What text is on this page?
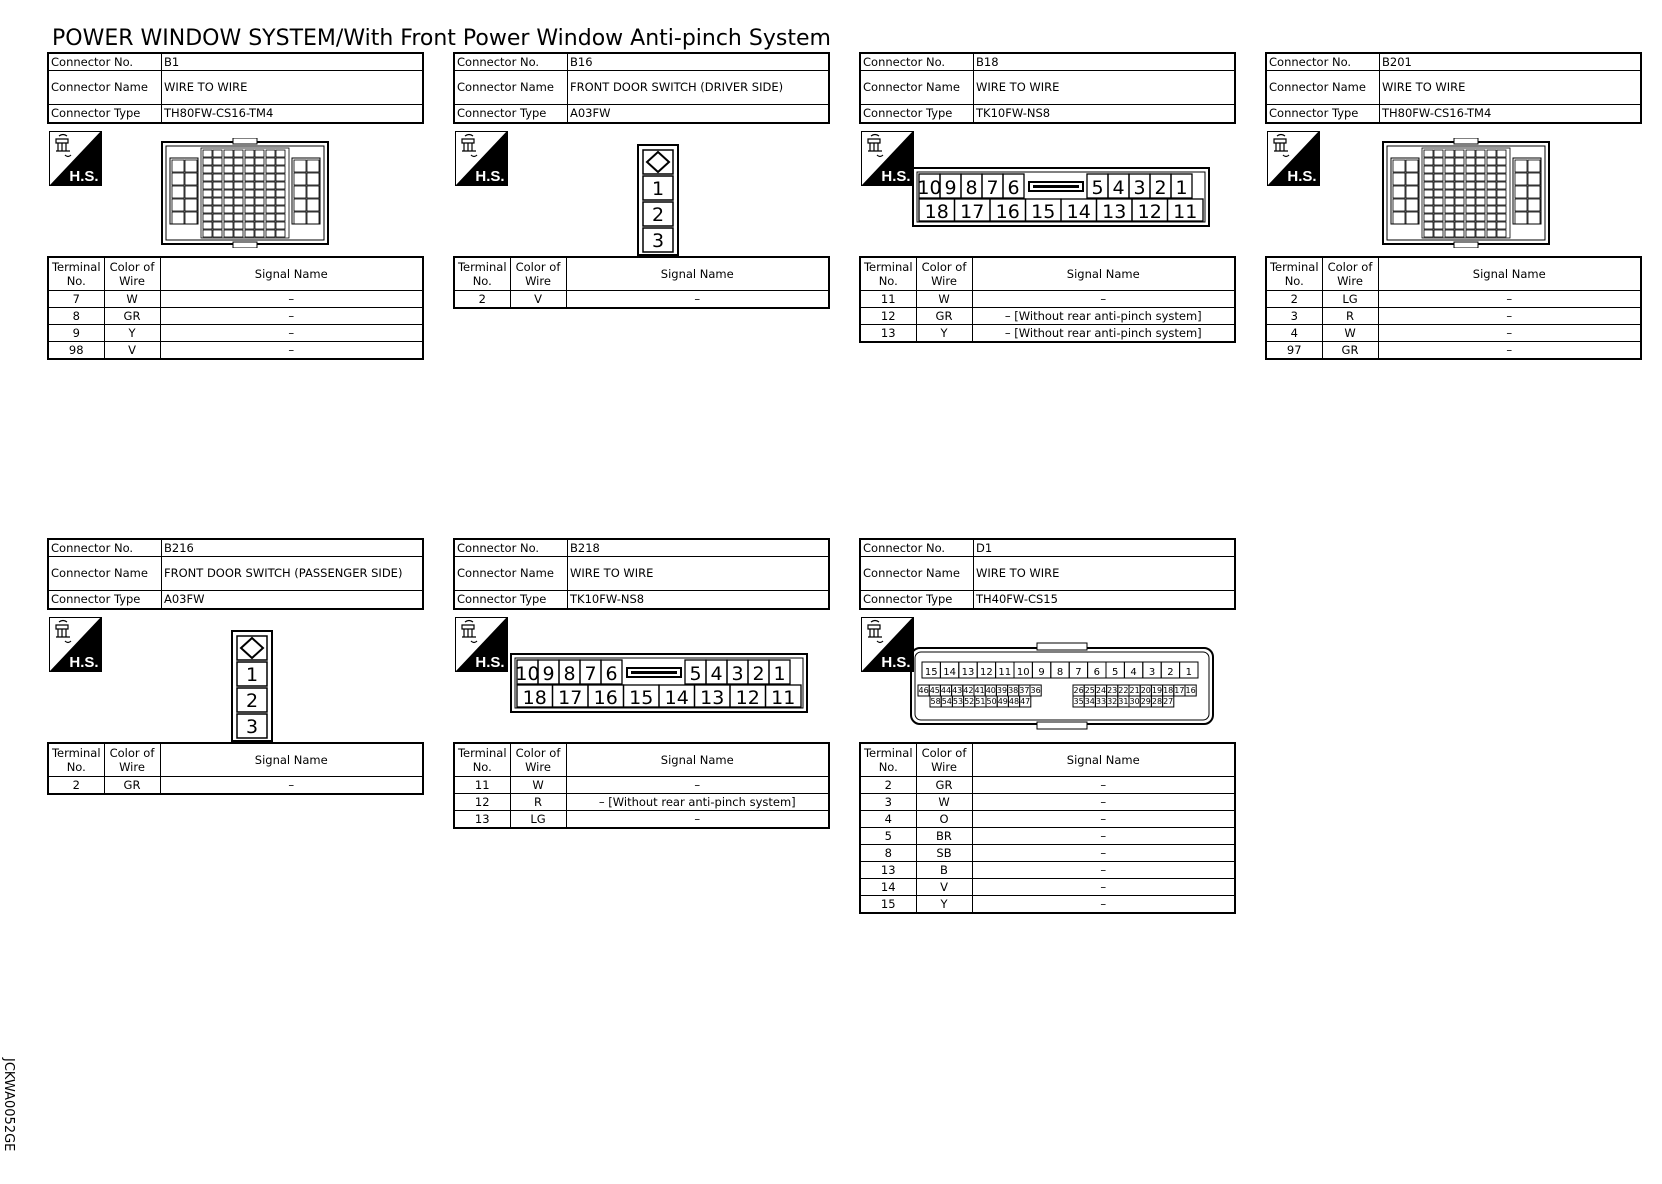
POWER WINDOW SYSTEM/With Front Power Window Anti-pinch System
Connector No.	B1
Connector Name	WIRE TO WIRE
Connector Type	TH80FW-CS16-TM4
H.S.
Terminal No.	Color of Wire	Signal Name
7	W	–
8	GR	–
9	Y	–
98	V	–
Connector No.	B16
Connector Name	FRONT DOOR SWITCH (DRIVER SIDE)
Connector Type	A03FW
H.S.
1
2
3
Terminal No.	Color of Wire	Signal Name
2	V	–
Connector No.	B18
Connector Name	WIRE TO WIRE
Connector Type	TK10FW-NS8
H.S.
10 9 8 7 6	5 4 3 2 1
18 17 16 15 14 13 12 11
Terminal No.	Color of Wire	Signal Name
11	W	–
12	GR	– [Without rear anti-pinch system]
13	Y	– [Without rear anti-pinch system]
Connector No.	B201
Connector Name	WIRE TO WIRE
Connector Type	TH80FW-CS16-TM4
H.S.
Terminal No.	Color of Wire	Signal Name
2	LG	–
3	R	–
4	W	–
97	GR	–
Connector No.	B216
Connector Name	FRONT DOOR SWITCH (PASSENGER SIDE)
Connector Type	A03FW
H.S.
1
2
3
Terminal No.	Color of Wire	Signal Name
2	GR	–
Connector No.	B218
Connector Name	WIRE TO WIRE
Connector Type	TK10FW-NS8
H.S.
10 9 8 7 6	5 4 3 2 1
18 17 16 15 14 13 12 11
Terminal No.	Color of Wire	Signal Name
11	W	–
12	R	– [Without rear anti-pinch system]
13	LG	–
Connector No.	D1
Connector Name	WIRE TO WIRE
Connector Type	TH40FW-CS15
H.S.
15 14 13 12 11 10 9 8 7 6 5 4 3 2 1
46 45 44 43 42 41 40 39 38 37 36	26 25 24 23 22 21 20 19 18 17 16
58 54 53 52 51 50 49 48 47	35 34 33 32 31 30 29 28 27
Terminal No.	Color of Wire	Signal Name
2	GR	–
3	W	–
4	O	–
5	BR	–
8	SB	–
13	B	–
14	V	–
15	Y	–
JCKWA0052GE
